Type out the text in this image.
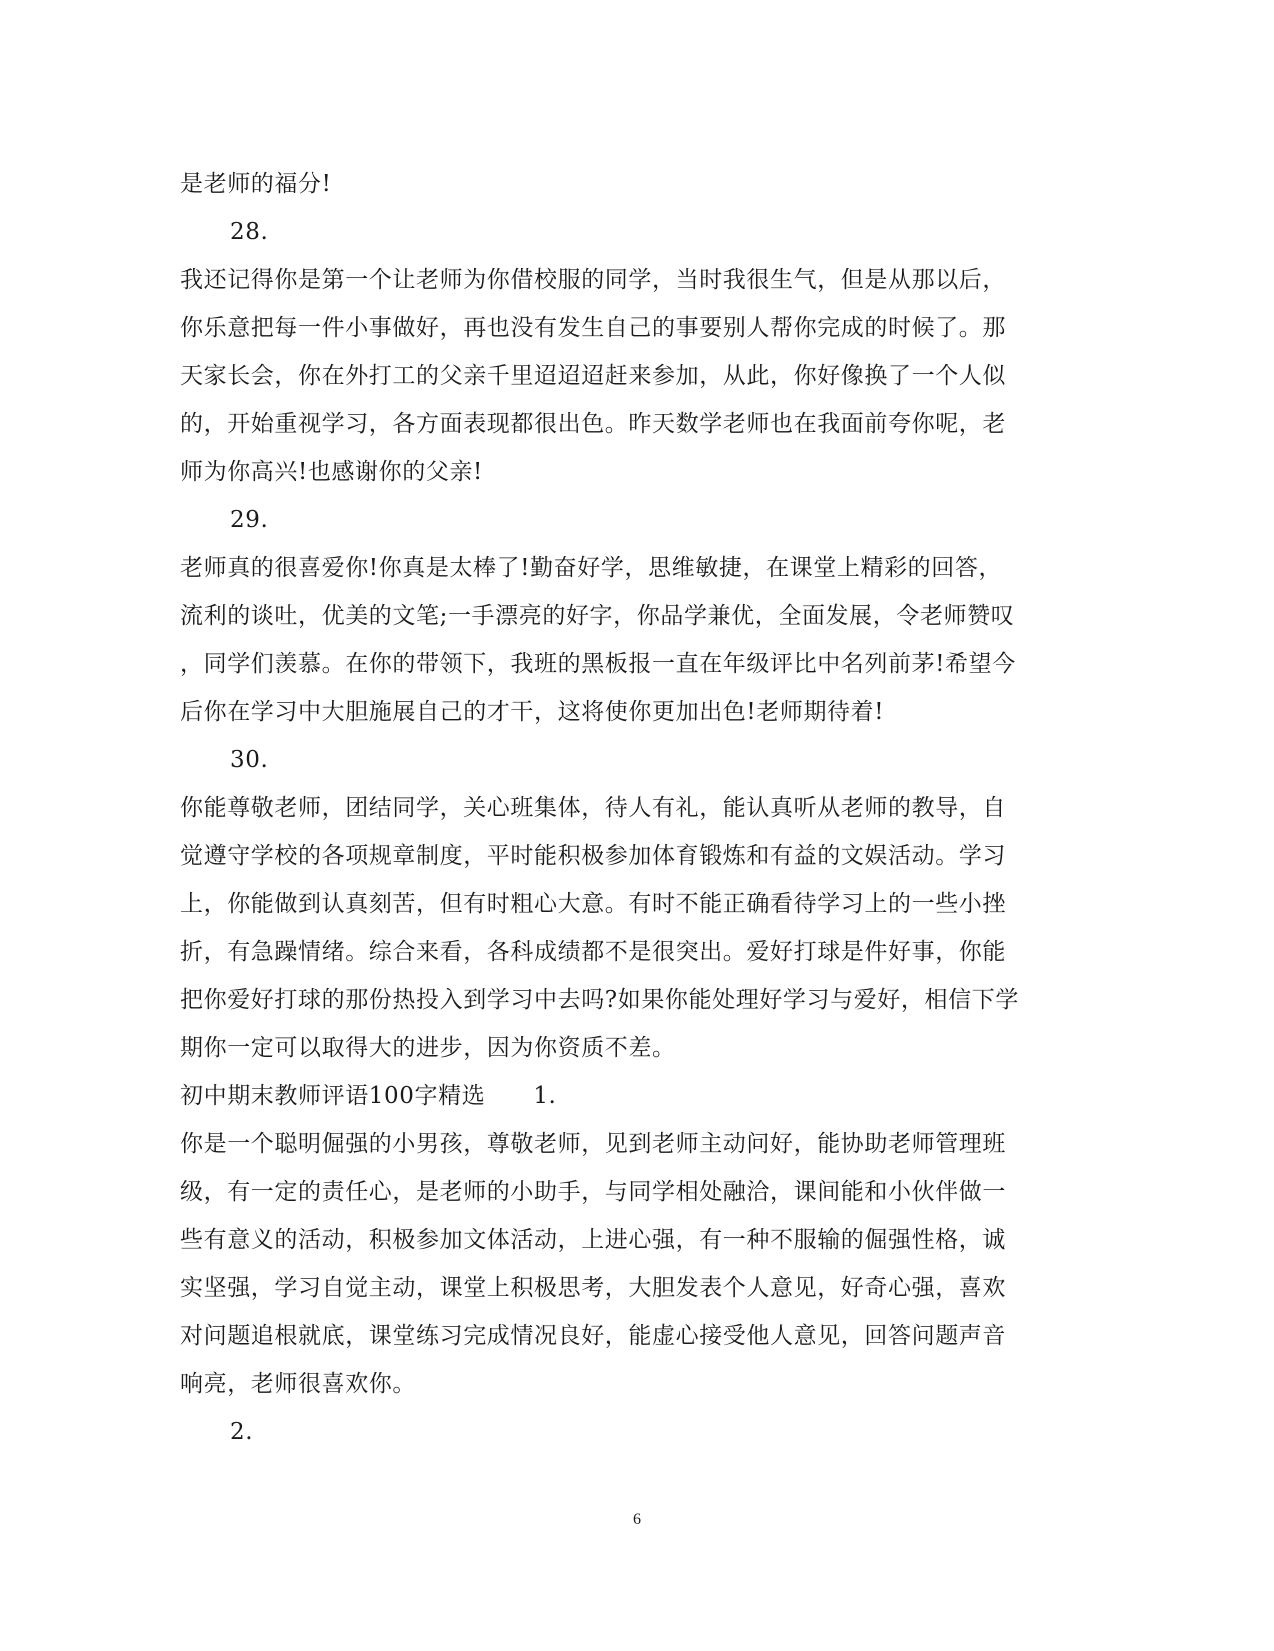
是老师的福分!
28.
我还记得你是第一个让老师为你借校服的同学，当时我很生气，但是从那以后，
你乐意把每一件小事做好，再也没有发生自己的事要别人帮你完成的时候了。那
天家长会，你在外打工的父亲千里迢迢迢赶来参加，从此，你好像换了一个人似
的，开始重视学习，各方面表现都很出色。昨天数学老师也在我面前夸你呢，老
师为你高兴!也感谢你的父亲!
29.
老师真的很喜爱你!你真是太棒了!勤奋好学，思维敏捷，在课堂上精彩的回答，
流利的谈吐，优美的文笔;一手漂亮的好字，你品学兼优，全面发展，令老师赞叹
，同学们羡慕。在你的带领下，我班的黑板报一直在年级评比中名列前茅!希望今
后你在学习中大胆施展自己的才干，这将使你更加出色!老师期待着!
30.
你能尊敬老师，团结同学，关心班集体，待人有礼，能认真听从老师的教导，自
觉遵守学校的各项规章制度，平时能积极参加体育锻炼和有益的文娱活动。学习
上，你能做到认真刻苦，但有时粗心大意。有时不能正确看待学习上的一些小挫
折，有急躁情绪。综合来看，各科成绩都不是很突出。爱好打球是件好事，你能
把你爱好打球的那份热投入到学习中去吗?如果你能处理好学习与爱好，相信下学
期你一定可以取得大的进步，因为你资质不差。
初中期末教师评语100字精选 1.
你是一个聪明倔强的小男孩，尊敬老师，见到老师主动问好，能协助老师管理班
级，有一定的责任心，是老师的小助手，与同学相处融洽，课间能和小伙伴做一
些有意义的活动，积极参加文体活动，上进心强，有一种不服输的倔强性格，诚
实坚强，学习自觉主动，课堂上积极思考，大胆发表个人意见，好奇心强，喜欢
对问题追根就底，课堂练习完成情况良好，能虚心接受他人意见，回答问题声音
响亮，老师很喜欢你。
2.
6
